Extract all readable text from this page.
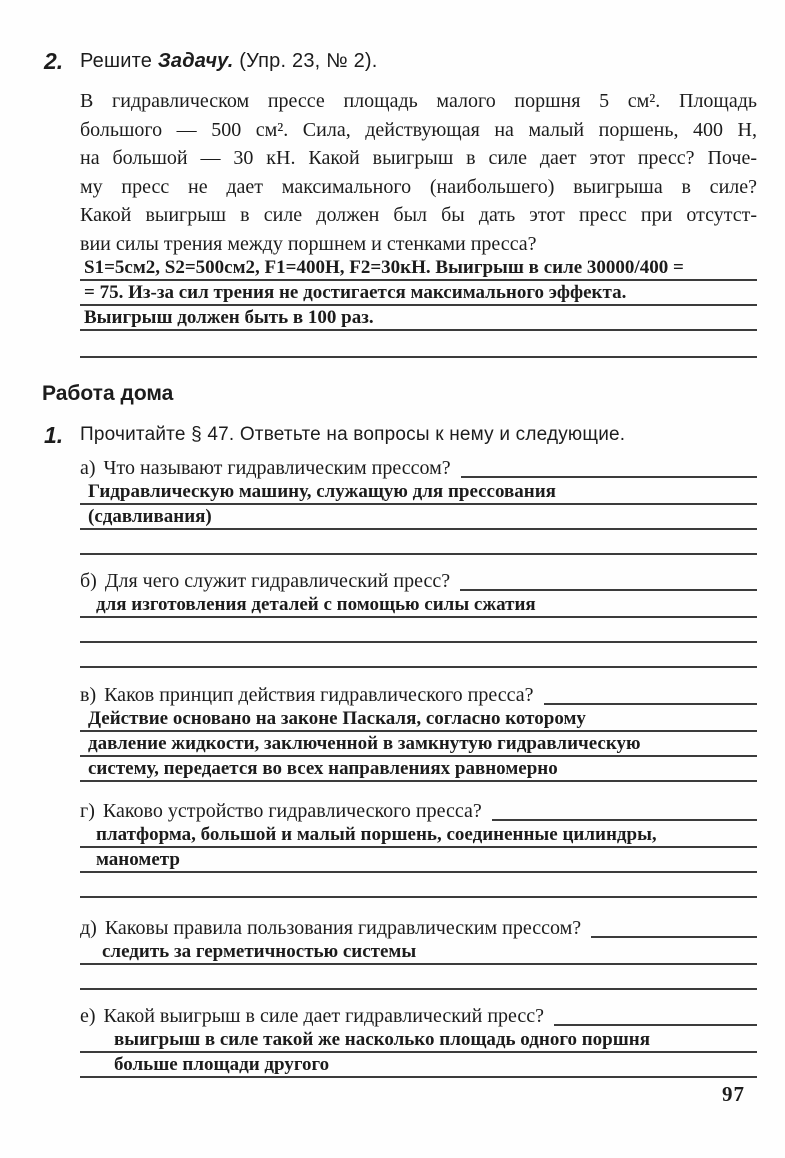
2. Решите Задачу. (Упр. 23, № 2).
В гидравлическом прессе площадь малого поршня 5 см². Площадь
большого — 500 см². Сила, действующая на малый поршень, 400 Н,
на большой — 30 кН. Какой выигрыш в силе дает этот пресс? Поче-
му пресс не дает максимального (наибольшего) выигрыша в силе?
Какой выигрыш в силе должен был бы дать этот пресс при отсутст-
вии силы трения между поршнем и стенками пресса?
S1=5см2, S2=500см2, F1=400Н, F2=30кН. Выигрыш в силе 30000/400 =
= 75. Из-за сил трения не достигается максимального эффекта.
Выигрыш должен быть в 100 раз.
Работа дома
1. Прочитайте § 47. Ответьте на вопросы к нему и следующие.
а) Что называют гидравлическим прессом?
Гидравлическую машину, служащую для прессования
(сдавливания)
б) Для чего служит гидравлический пресс?
для изготовления деталей с помощью силы сжатия
в) Каков принцип действия гидравлического пресса?
Действие основано на законе Паскаля, согласно которому
давление жидкости, заключенной в замкнутую гидравлическую
систему, передается во всех направлениях равномерно
г) Каково устройство гидравлического пресса?
платформа, большой и малый поршень, соединенные цилиндры,
манометр
д) Каковы правила пользования гидравлическим прессом?
следить за герметичностью системы
е) Какой выигрыш в силе дает гидравлический пресс?
выигрыш в силе такой же насколько площадь одного поршня
больше площади другого
97
